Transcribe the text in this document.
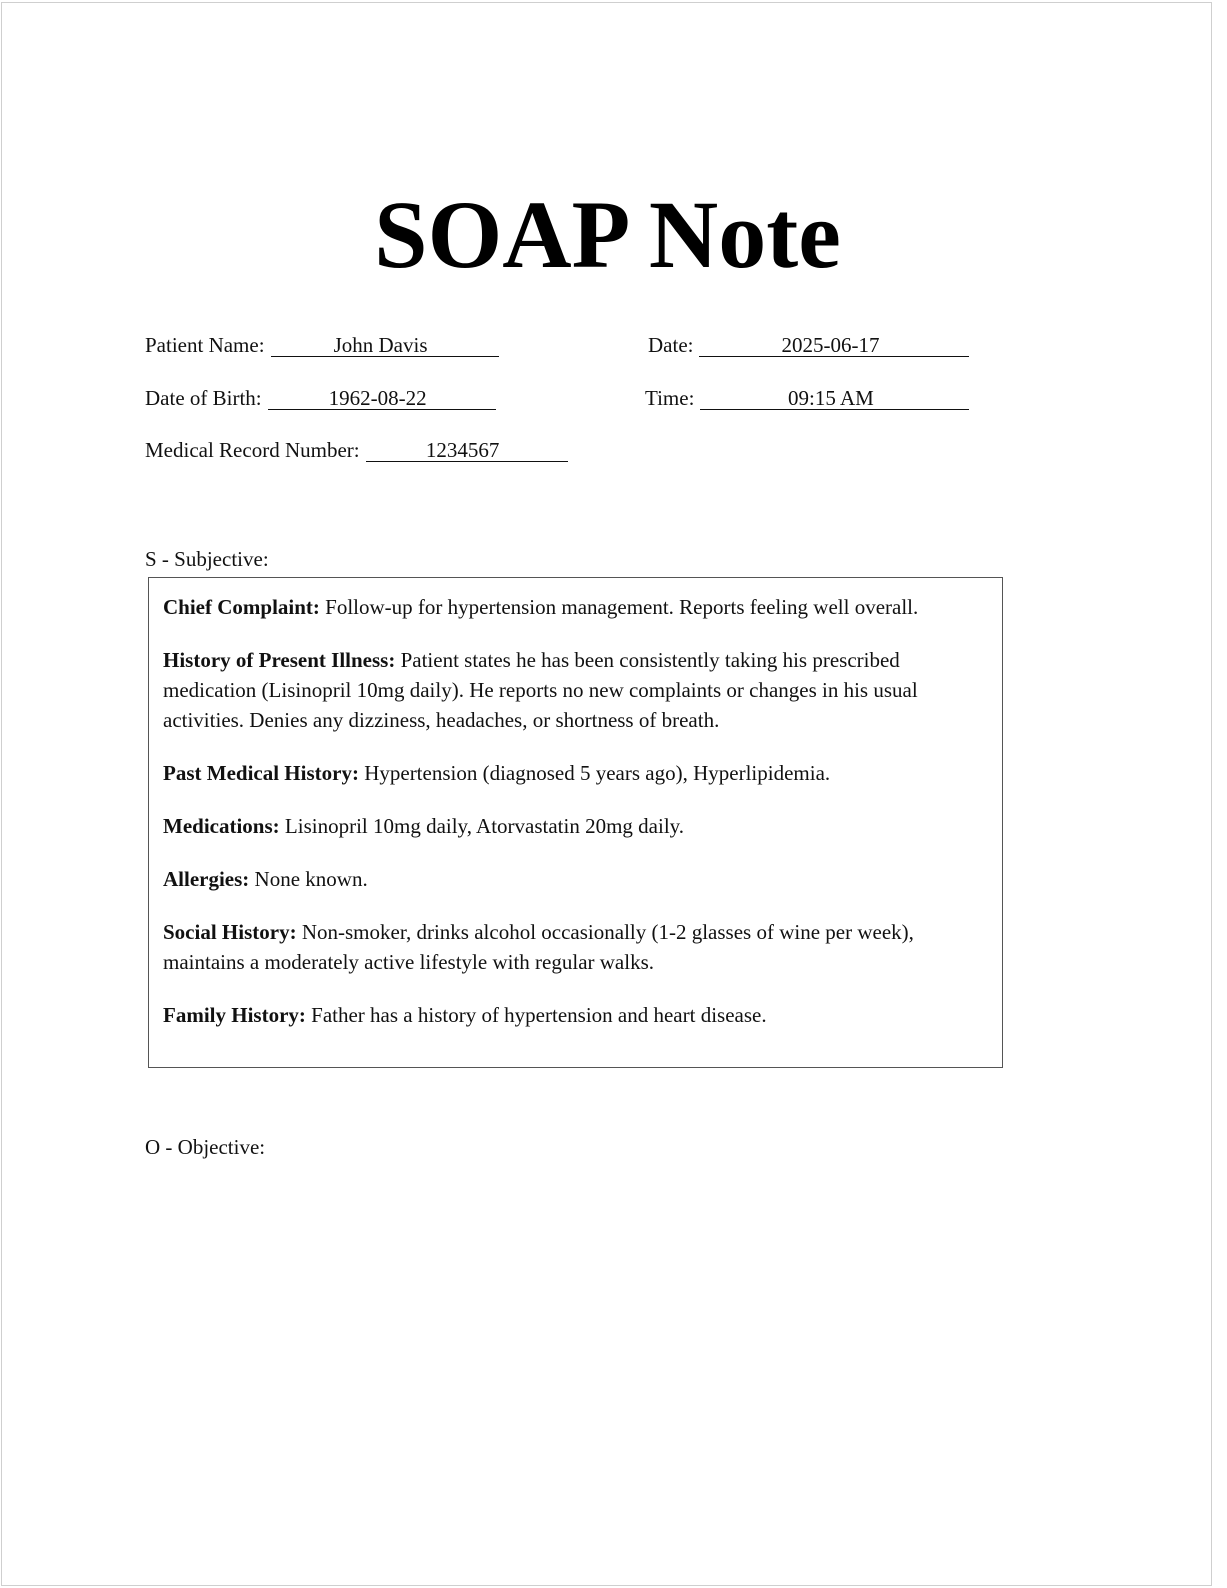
SOAP Note
Patient Name:	John Davis	Date:	2025-06-17
Date of Birth:	1962-08-22	Time:	09:15 AM
Medical Record Number:	1234567
S - Subjective:

Chief Complaint: Follow-up for hypertension management. Reports feeling well overall.

History of Present Illness: Patient states he has been consistently taking his prescribed medication (Lisinopril 10mg daily). He reports no new complaints or changes in his usual activities. Denies any dizziness, headaches, or shortness of breath.

Past Medical History: Hypertension (diagnosed 5 years ago), Hyperlipidemia.

Medications: Lisinopril 10mg daily, Atorvastatin 20mg daily.

Allergies: None known.

Social History: Non-smoker, drinks alcohol occasionally (1-2 glasses of wine per week), maintains a moderately active lifestyle with regular walks.

Family History: Father has a history of hypertension and heart disease.

O - Objective:
